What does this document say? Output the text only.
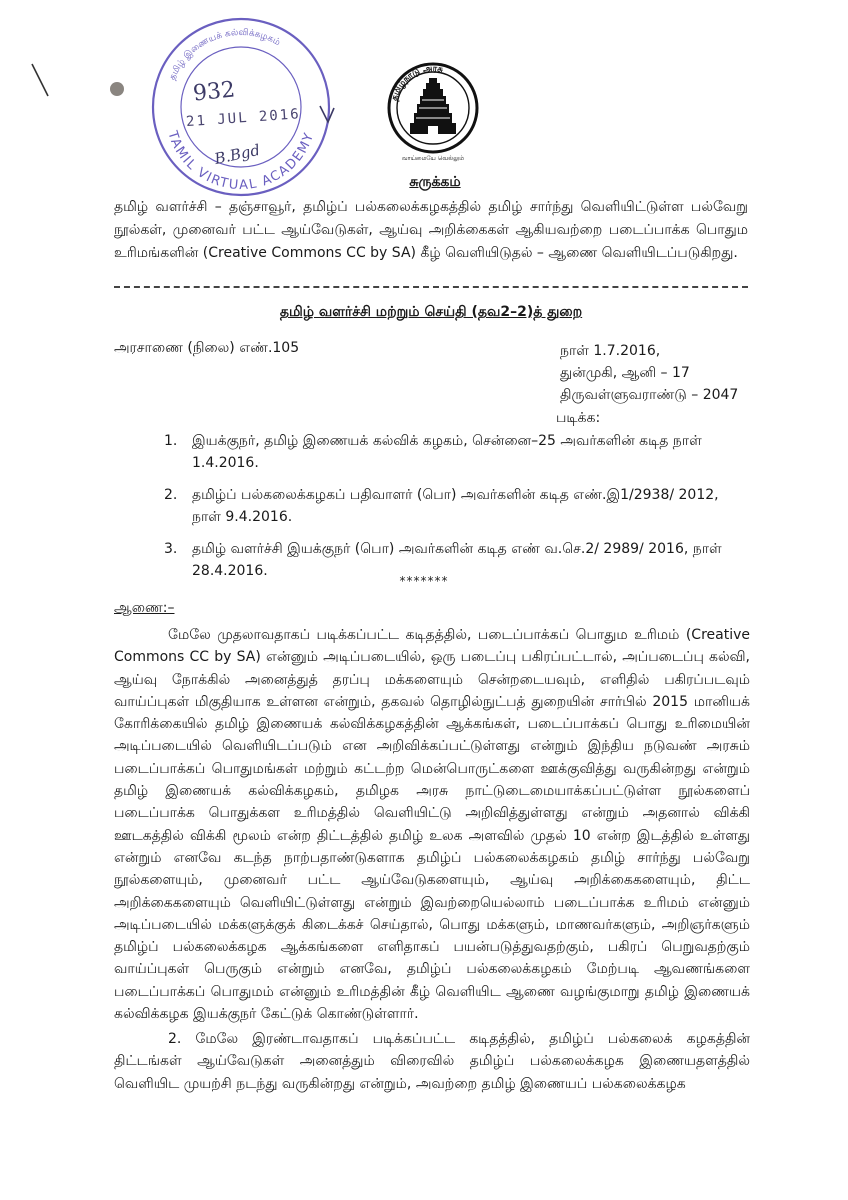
தமிழ் இணையக் கல்விக்கழகம்
TAMIL VIRTUAL ACADEMY
932
21 JUL 2016
B.Bgd
தமிழ்நாடு அரசு
வாய்மையே வெல்லும்
சுருக்கம்
தமிழ் வளர்ச்சி – தஞ்சாவூர், தமிழ்ப் பல்கலைக்கழகத்தில் தமிழ் சார்ந்து வெளியிட்டுள்ள பல்வேறு நூல்கள், முனைவர் பட்ட ஆய்வேடுகள், ஆய்வு அறிக்கைகள் ஆகியவற்றை படைப்பாக்க பொதும உரிமங்களின் (Creative Commons CC by SA) கீழ் வெளியிடுதல் – ஆணை வெளியிடப்படுகிறது.
தமிழ் வளர்ச்சி மற்றும் செய்தி (தவ2–2)த் துறை
அரசாணை (நிலை) எண்.105	நாள் 1.7.2016,
துன்முகி, ஆனி – 17
திருவள்ளுவராண்டு – 2047
படிக்க:
1. இயக்குநர், தமிழ் இணையக் கல்விக் கழகம், சென்னை–25 அவர்களின் கடித நாள் 1.4.2016.
2. தமிழ்ப் பல்கலைக்கழகப் பதிவாளர் (பொ) அவர்களின் கடித எண்.இ1/2938/ 2012, நாள் 9.4.2016.
3. தமிழ் வளர்ச்சி இயக்குநர் (பொ) அவர்களின் கடித எண் வ.செ.2/ 2989/ 2016, நாள் 28.4.2016.
*******
ஆணை:–
மேலே முதலாவதாகப் படிக்கப்பட்ட கடிதத்தில், படைப்பாக்கப் பொதும உரிமம் (Creative Commons CC by SA) என்னும் அடிப்படையில், ஒரு படைப்பு பகிரப்பட்டால், அப்படைப்பு கல்வி, ஆய்வு நோக்கில் அனைத்துத் தரப்பு மக்களையும் சென்றடையவும், எளிதில் பகிரப்படவும் வாய்ப்புகள் மிகுதியாக உள்ளன என்றும், தகவல் தொழில்நுட்பத் துறையின் சார்பில் 2015 மானியக் கோரிக்கையில் தமிழ் இணையக் கல்விக்கழகத்தின் ஆக்கங்கள், படைப்பாக்கப் பொது உரிமையின் அடிப்படையில் வெளியிடப்படும் என அறிவிக்கப்பட்டுள்ளது என்றும் இந்திய நடுவண் அரசும் படைப்பாக்கப் பொதுமங்கள் மற்றும் கட்டற்ற மென்பொருட்களை ஊக்குவித்து வருகின்றது என்றும் தமிழ் இணையக் கல்விக்கழகம், தமிழக அரசு நாட்டுடைமையாக்கப்பட்டுள்ள நூல்களைப் படைப்பாக்க பொதுக்கள உரிமத்தில் வெளியிட்டு அறிவித்துள்ளது என்றும் அதனால் விக்கி ஊடகத்தில் விக்கி மூலம் என்ற திட்டத்தில் தமிழ் உலக அளவில் முதல் 10 என்ற இடத்தில் உள்ளது என்றும் எனவே கடந்த நாற்பதாண்டுகளாக தமிழ்ப் பல்கலைக்கழகம் தமிழ் சார்ந்து பல்வேறு நூல்களையும், முனைவர் பட்ட ஆய்வேடுகளையும், ஆய்வு அறிக்கைகளையும், திட்ட அறிக்கைகளையும் வெளியிட்டுள்ளது என்றும் இவற்றையெல்லாம் படைப்பாக்க உரிமம் என்னும் அடிப்படையில் மக்களுக்குக் கிடைக்கச் செய்தால், பொது மக்களும், மாணவர்களும், அறிஞர்களும் தமிழ்ப் பல்கலைக்கழக ஆக்கங்களை எளிதாகப் பயன்படுத்துவதற்கும், பகிரப் பெறுவதற்கும் வாய்ப்புகள் பெருகும் என்றும் எனவே, தமிழ்ப் பல்கலைக்கழகம் மேற்படி ஆவணங்களை படைப்பாக்கப் பொதுமம் என்னும் உரிமத்தின் கீழ் வெளியிட ஆணை வழங்குமாறு தமிழ் இணையக் கல்விக்கழக இயக்குநர் கேட்டுக் கொண்டுள்ளார்.
2. மேலே இரண்டாவதாகப் படிக்கப்பட்ட கடிதத்தில், தமிழ்ப் பல்கலைக் கழகத்தின் திட்டங்கள் ஆய்வேடுகள் அனைத்தும் விரைவில் தமிழ்ப் பல்கலைக்கழக இணையதளத்தில் வெளியிட முயற்சி நடந்து வருகின்றது என்றும், அவற்றை தமிழ் இணையப் பல்கலைக்கழக
